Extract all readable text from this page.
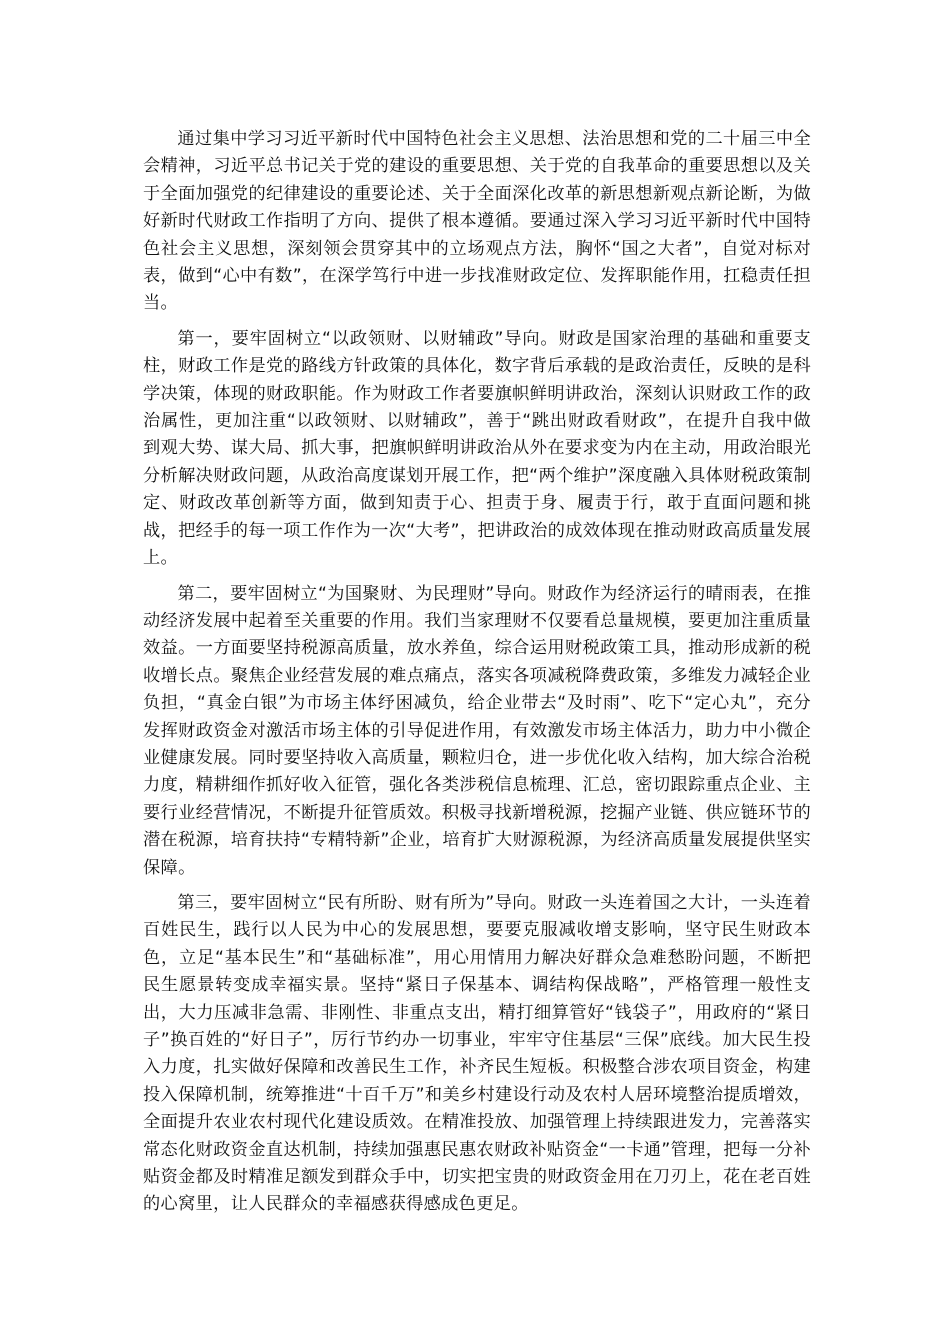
通过集中学习习近平新时代中国特色社会主义思想、法治思想和党的二十届三中全会精神，习近平总书记关于党的建设的重要思想、关于党的自我革命的重要思想以及关于全面加强党的纪律建设的重要论述、关于全面深化改革的新思想新观点新论断，为做好新时代财政工作指明了方向、提供了根本遵循。要通过深入学习习近平新时代中国特色社会主义思想，深刻领会贯穿其中的立场观点方法，胸怀“国之大者”，自觉对标对表，做到“心中有数”，在深学笃行中进一步找准财政定位、发挥职能作用，扛稳责任担当。

第一，要牢固树立“以政领财、以财辅政”导向。财政是国家治理的基础和重要支柱，财政工作是党的路线方针政策的具体化，数字背后承载的是政治责任，反映的是科学决策，体现的财政职能。作为财政工作者要旗帜鲜明讲政治，深刻认识财政工作的政治属性，更加注重“以政领财、以财辅政”，善于“跳出财政看财政”，在提升自我中做到观大势、谋大局、抓大事，把旗帜鲜明讲政治从外在要求变为内在主动，用政治眼光分析解决财政问题，从政治高度谋划开展工作，把“两个维护”深度融入具体财税政策制定、财政改革创新等方面，做到知责于心、担责于身、履责于行，敢于直面问题和挑战，把经手的每一项工作作为一次“大考”，把讲政治的成效体现在推动财政高质量发展上。

第二，要牢固树立“为国聚财、为民理财”导向。财政作为经济运行的晴雨表，在推动经济发展中起着至关重要的作用。我们当家理财不仅要看总量规模，要更加注重质量效益。一方面要坚持税源高质量，放水养鱼，综合运用财税政策工具，推动形成新的税收增长点。聚焦企业经营发展的难点痛点，落实各项减税降费政策，多维发力减轻企业负担，“真金白银”为市场主体纾困减负，给企业带去“及时雨”、吃下“定心丸”，充分发挥财政资金对激活市场主体的引导促进作用，有效激发市场主体活力，助力中小微企业健康发展。同时要坚持收入高质量，颗粒归仓，进一步优化收入结构，加大综合治税力度，精耕细作抓好收入征管，强化各类涉税信息梳理、汇总，密切跟踪重点企业、主要行业经营情况，不断提升征管质效。积极寻找新增税源，挖掘产业链、供应链环节的潜在税源，培育扶持“专精特新”企业，培育扩大财源税源，为经济高质量发展提供坚实保障。

第三，要牢固树立“民有所盼、财有所为”导向。财政一头连着国之大计，一头连着百姓民生，践行以人民为中心的发展思想，要要克服减收增支影响，坚守民生财政本色，立足“基本民生”和“基础标准”，用心用情用力解决好群众急难愁盼问题，不断把民生愿景转变成幸福实景。坚持“紧日子保基本、调结构保战略”，严格管理一般性支出，大力压减非急需、非刚性、非重点支出，精打细算管好“钱袋子”，用政府的“紧日子”换百姓的“好日子”，厉行节约办一切事业，牢牢守住基层“三保”底线。加大民生投入力度，扎实做好保障和改善民生工作，补齐民生短板。积极整合涉农项目资金，构建投入保障机制，统筹推进“十百千万”和美乡村建设行动及农村人居环境整治提质增效，全面提升农业农村现代化建设质效。在精准投放、加强管理上持续跟进发力，完善落实常态化财政资金直达机制，持续加强惠民惠农财政补贴资金“一卡通”管理，把每一分补贴资金都及时精准足额发到群众手中，切实把宝贵的财政资金用在刀刃上，花在老百姓的心窝里，让人民群众的幸福感获得感成色更足。
